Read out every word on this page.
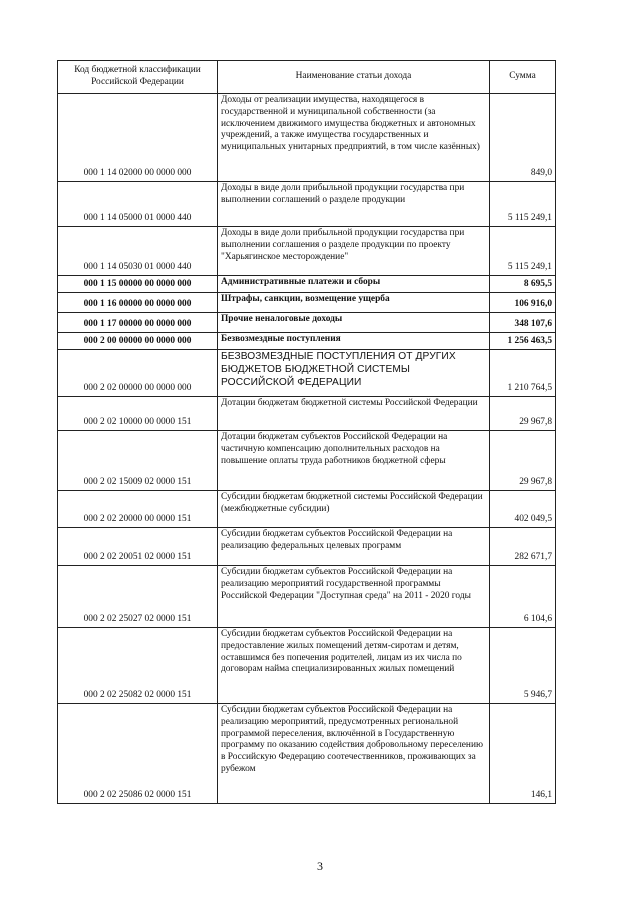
Код бюджетной классификации Российской Федерации	Наименование статьи дохода	Сумма
000 1 14 02000 00 0000 000	Доходы от реализации имущества, находящегося в государственной и муниципальной собственности (за исключением движимого имущества бюджетных и автономных учреждений, а также имущества государственных и муниципальных унитарных предприятий, в том числе казённых)	849,0
000 1 14 05000 01 0000 440	Доходы в виде доли прибыльной продукции государства при выполнении соглашений о разделе продукции	5 115 249,1
000 1 14 05030 01 0000 440	Доходы в виде доли прибыльной продукции государства при выполнении соглашения о разделе продукции по проекту "Харьягинское месторождение"	5 115 249,1
000 1 15 00000 00 0000 000	Административные платежи и сборы	8 695,5
000 1 16 00000 00 0000 000	Штрафы, санкции, возмещение ущерба	106 916,0
000 1 17 00000 00 0000 000	Прочие неналоговые доходы	348 107,6
000 2 00 00000 00 0000 000	Безвозмездные поступления	1 256 463,5
000 2 02 00000 00 0000 000	БЕЗВОЗМЕЗДНЫЕ ПОСТУПЛЕНИЯ ОТ ДРУГИХ БЮДЖЕТОВ БЮДЖЕТНОЙ СИСТЕМЫ РОССИЙСКОЙ ФЕДЕРАЦИИ	1 210 764,5
000 2 02 10000 00 0000 151	Дотации бюджетам бюджетной системы Российской Федерации	29 967,8
000 2 02 15009 02 0000 151	Дотации бюджетам субъектов Российской Федерации на частичную компенсацию дополнительных расходов на повышение оплаты труда работников бюджетной сферы	29 967,8
000 2 02 20000 00 0000 151	Субсидии бюджетам бюджетной системы Российской Федерации (межбюджетные субсидии)	402 049,5
000 2 02 20051 02 0000 151	Субсидии бюджетам субъектов Российской Федерации на реализацию федеральных целевых программ	282 671,7
000 2 02 25027 02 0000 151	Субсидии бюджетам субъектов Российской Федерации на реализацию мероприятий государственной программы Российской Федерации "Доступная среда" на 2011 - 2020 годы	6 104,6
000 2 02 25082 02 0000 151	Субсидии бюджетам субъектов Российской Федерации на предоставление жилых помещений детям-сиротам и детям, оставшимся без попечения родителей, лицам из их числа по договорам найма специализированных жилых помещений	5 946,7
000 2 02 25086 02 0000 151	Субсидии бюджетам субъектов Российской Федерации на реализацию мероприятий, предусмотренных региональной программой переселения, включённой в Государственную программу по оказанию содействия добровольному переселению в Российскую Федерацию соотечественников, проживающих за рубежом	146,1
3
